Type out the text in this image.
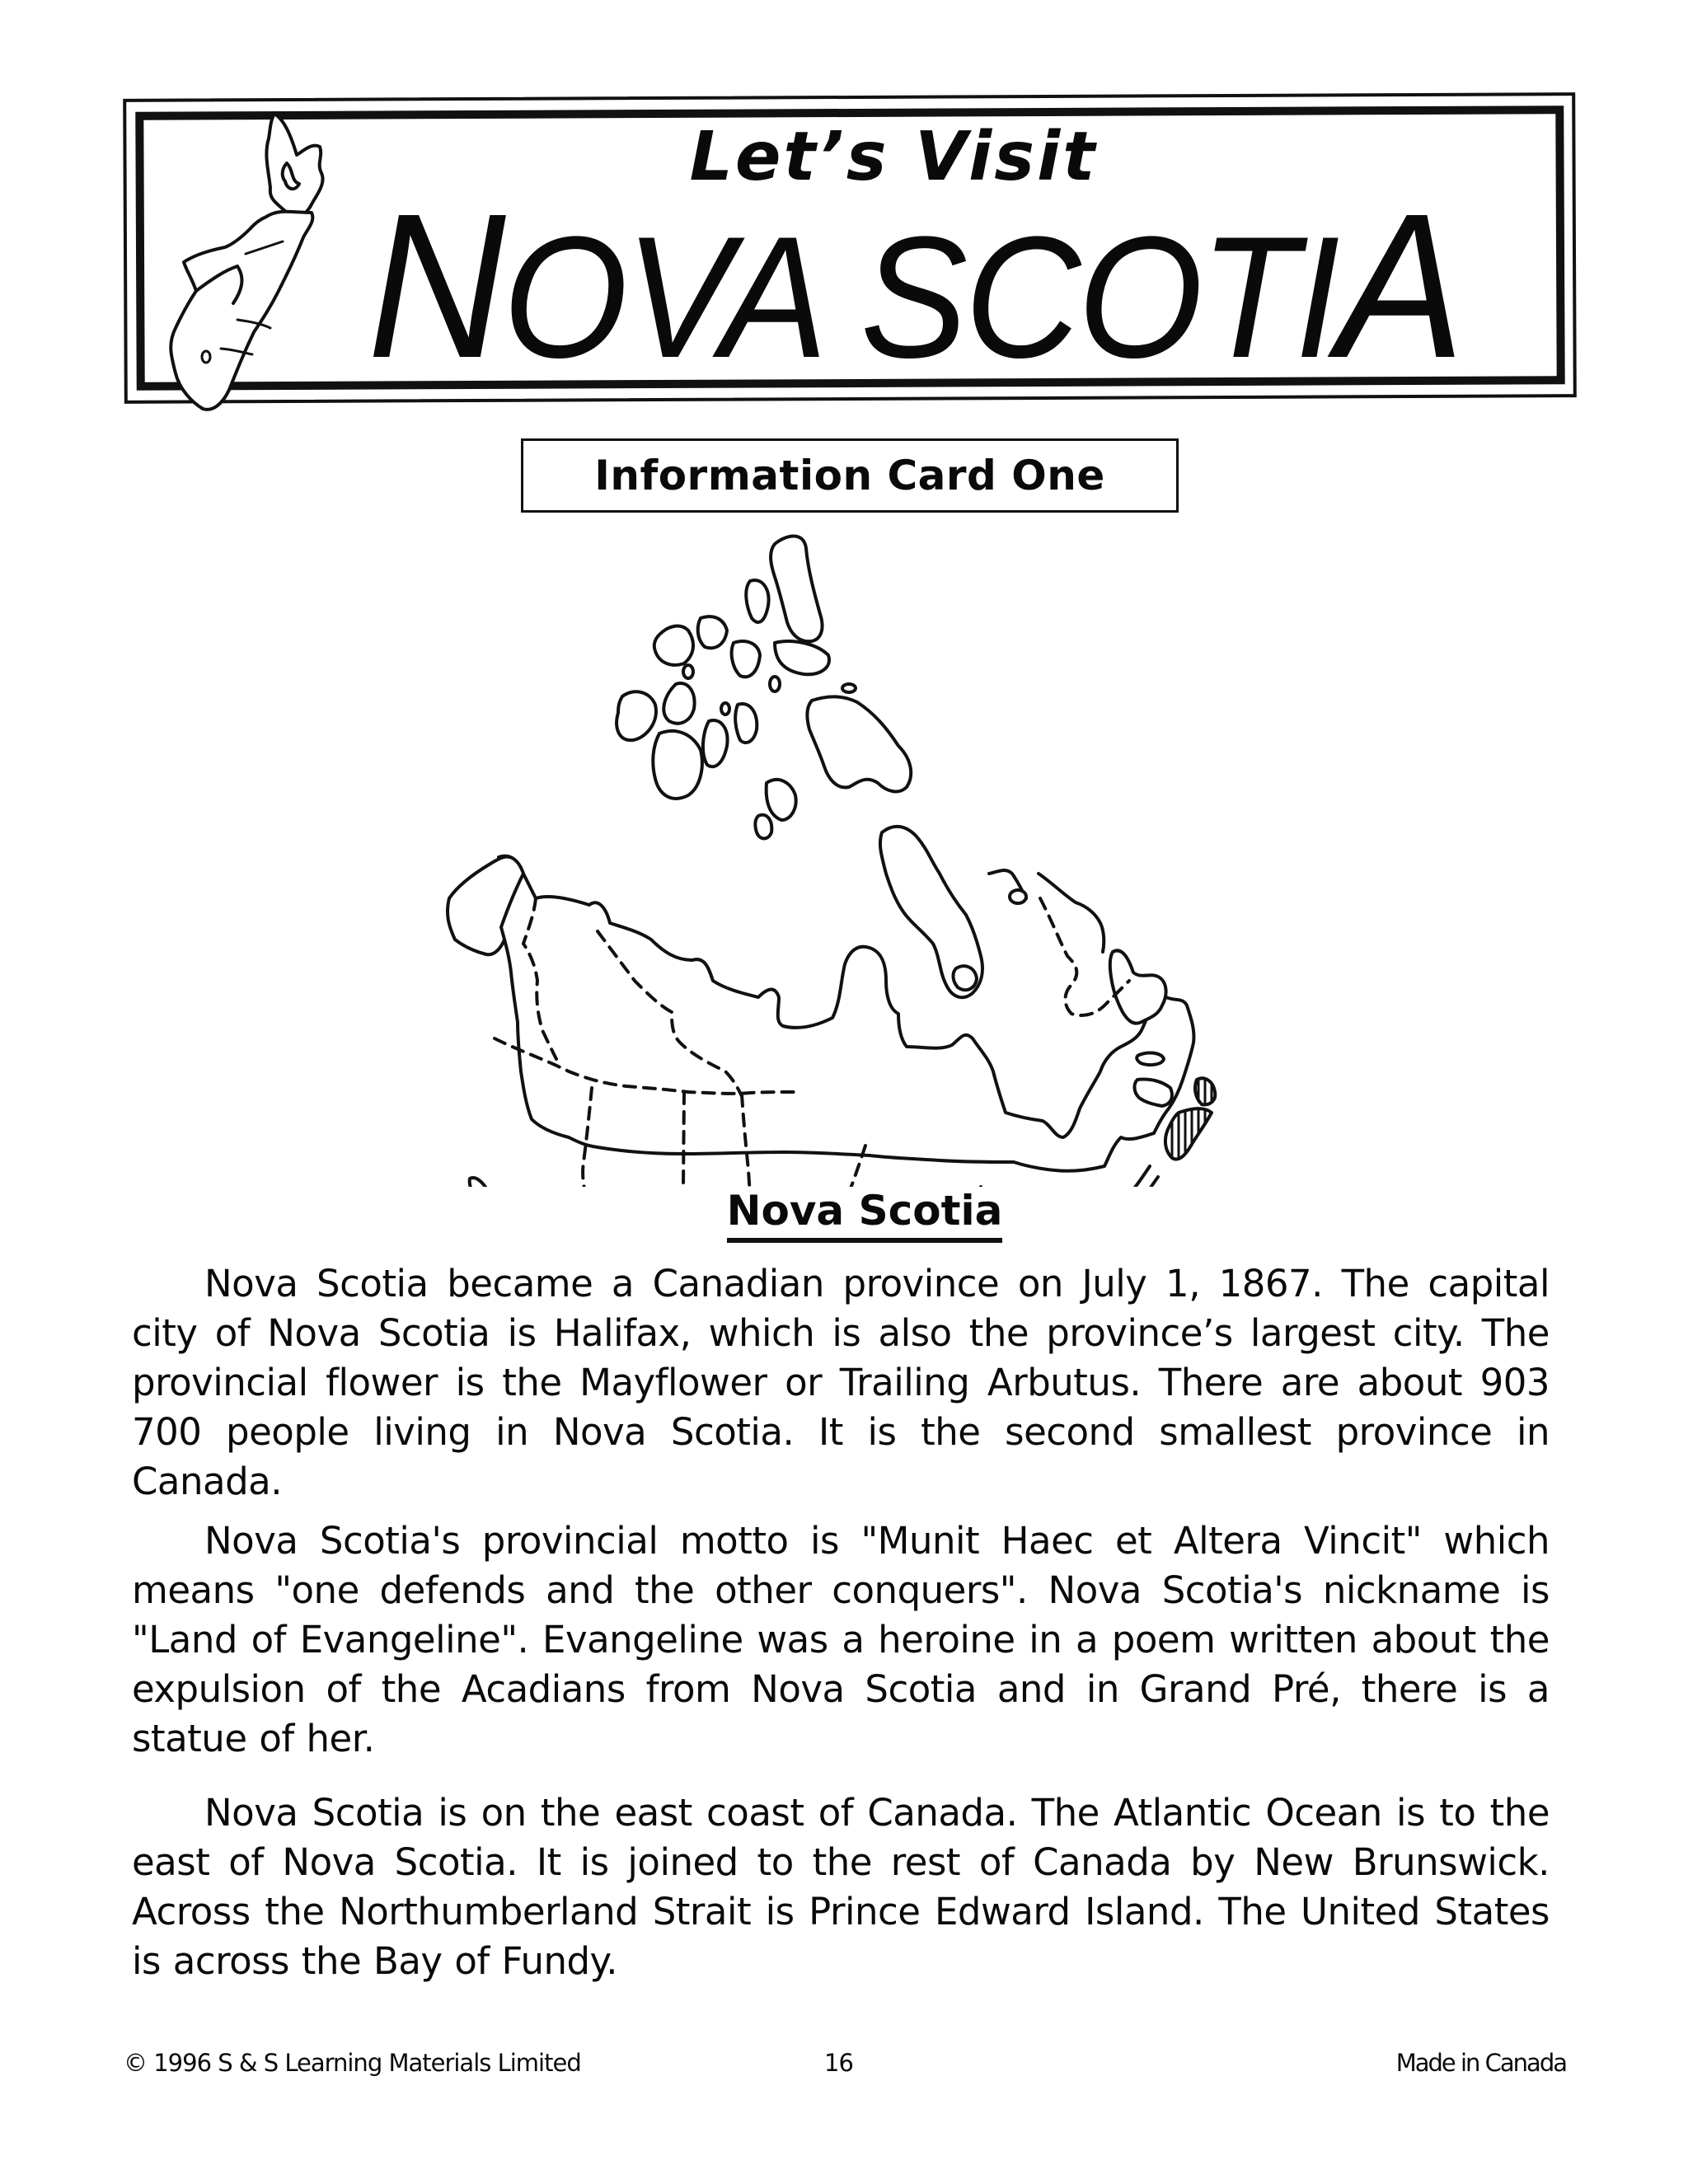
Let’s Visit
NOVA SCOTIA
Information Card One
Nova Scotia

Nova Scotia became a Canadian province on July 1, 1867. The capital city of Nova Scotia is Halifax, which is also the province’s largest city. The provincial flower is the Mayflower or Trailing Arbutus. There are about 903 700 people living in Nova Scotia. It is the second smallest province in Canada.

Nova Scotia's provincial motto is "Munit Haec et Altera Vincit" which means "one defends and the other conquers". Nova Scotia's nickname is "Land of Evangeline". Evangeline was a heroine in a poem written about the expulsion of the Acadians from Nova Scotia and in Grand Pré, there is a statue of her.

Nova Scotia is on the east coast of Canada. The Atlantic Ocean is to the east of Nova Scotia. It is joined to the rest of Canada by New Brunswick. Across the Northumberland Strait is Prince Edward Island. The United States is across the Bay of Fundy.

© 1996 S & S Learning Materials Limited	16	Made in Canada
